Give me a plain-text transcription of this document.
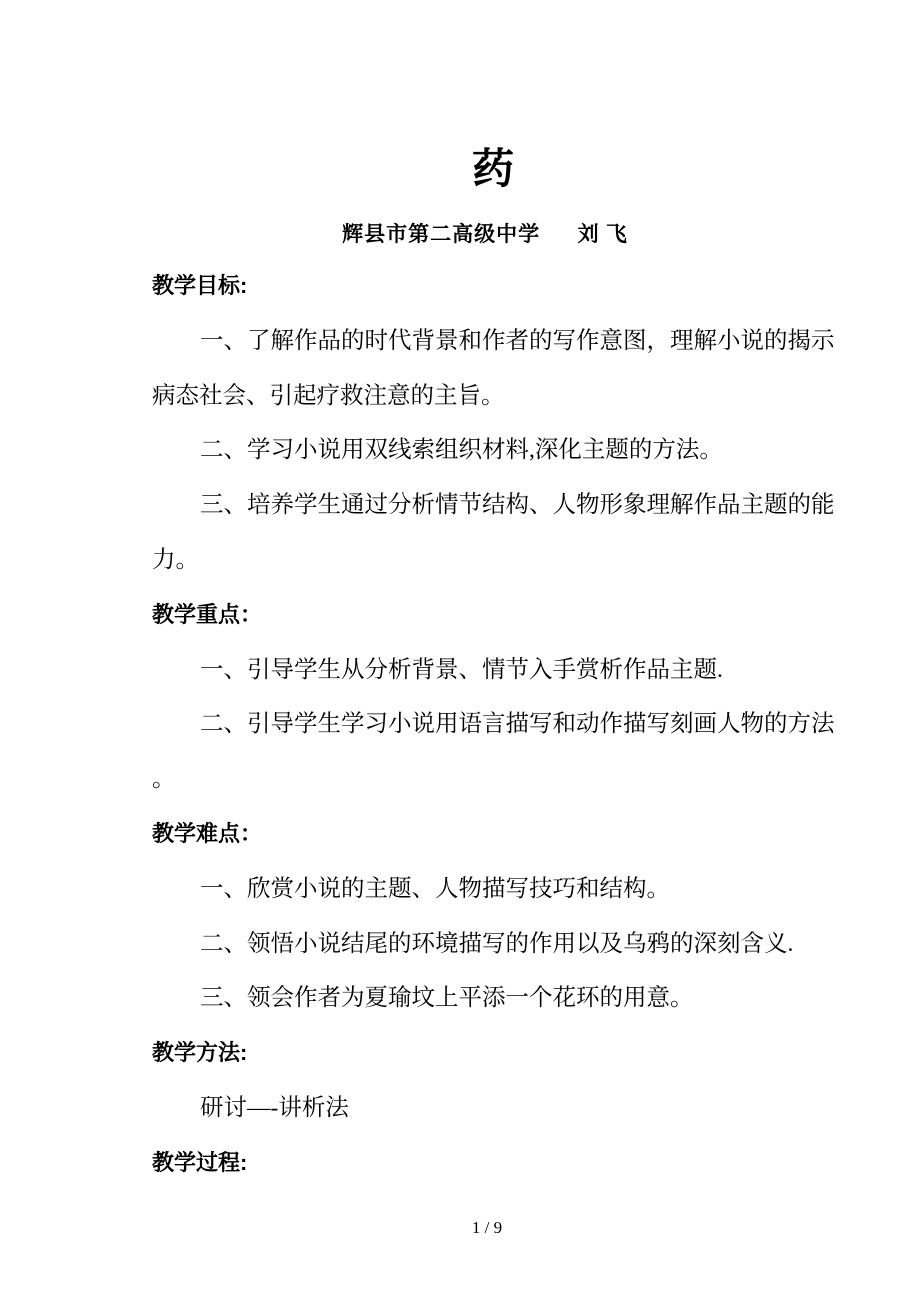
药
辉县市第二高级中学      刘 飞
教学目标:
一、了解作品的时代背景和作者的写作意图，理解小说的揭示
病态社会、引起疗救注意的主旨。
二、学习小说用双线索组织材料,深化主题的方法。
三、培养学生通过分析情节结构、人物形象理解作品主题的能
力。
教学重点：
一、引导学生从分析背景、情节入手赏析作品主题.
二、引导学生学习小说用语言描写和动作描写刻画人物的方法
。
教学难点：
一、欣赏小说的主题、人物描写技巧和结构。
二、领悟小说结尾的环境描写的作用以及乌鸦的深刻含义.
三、领会作者为夏瑜坟上平添一个花环的用意。
教学方法:
研讨—-讲析法
教学过程:
1 / 9
